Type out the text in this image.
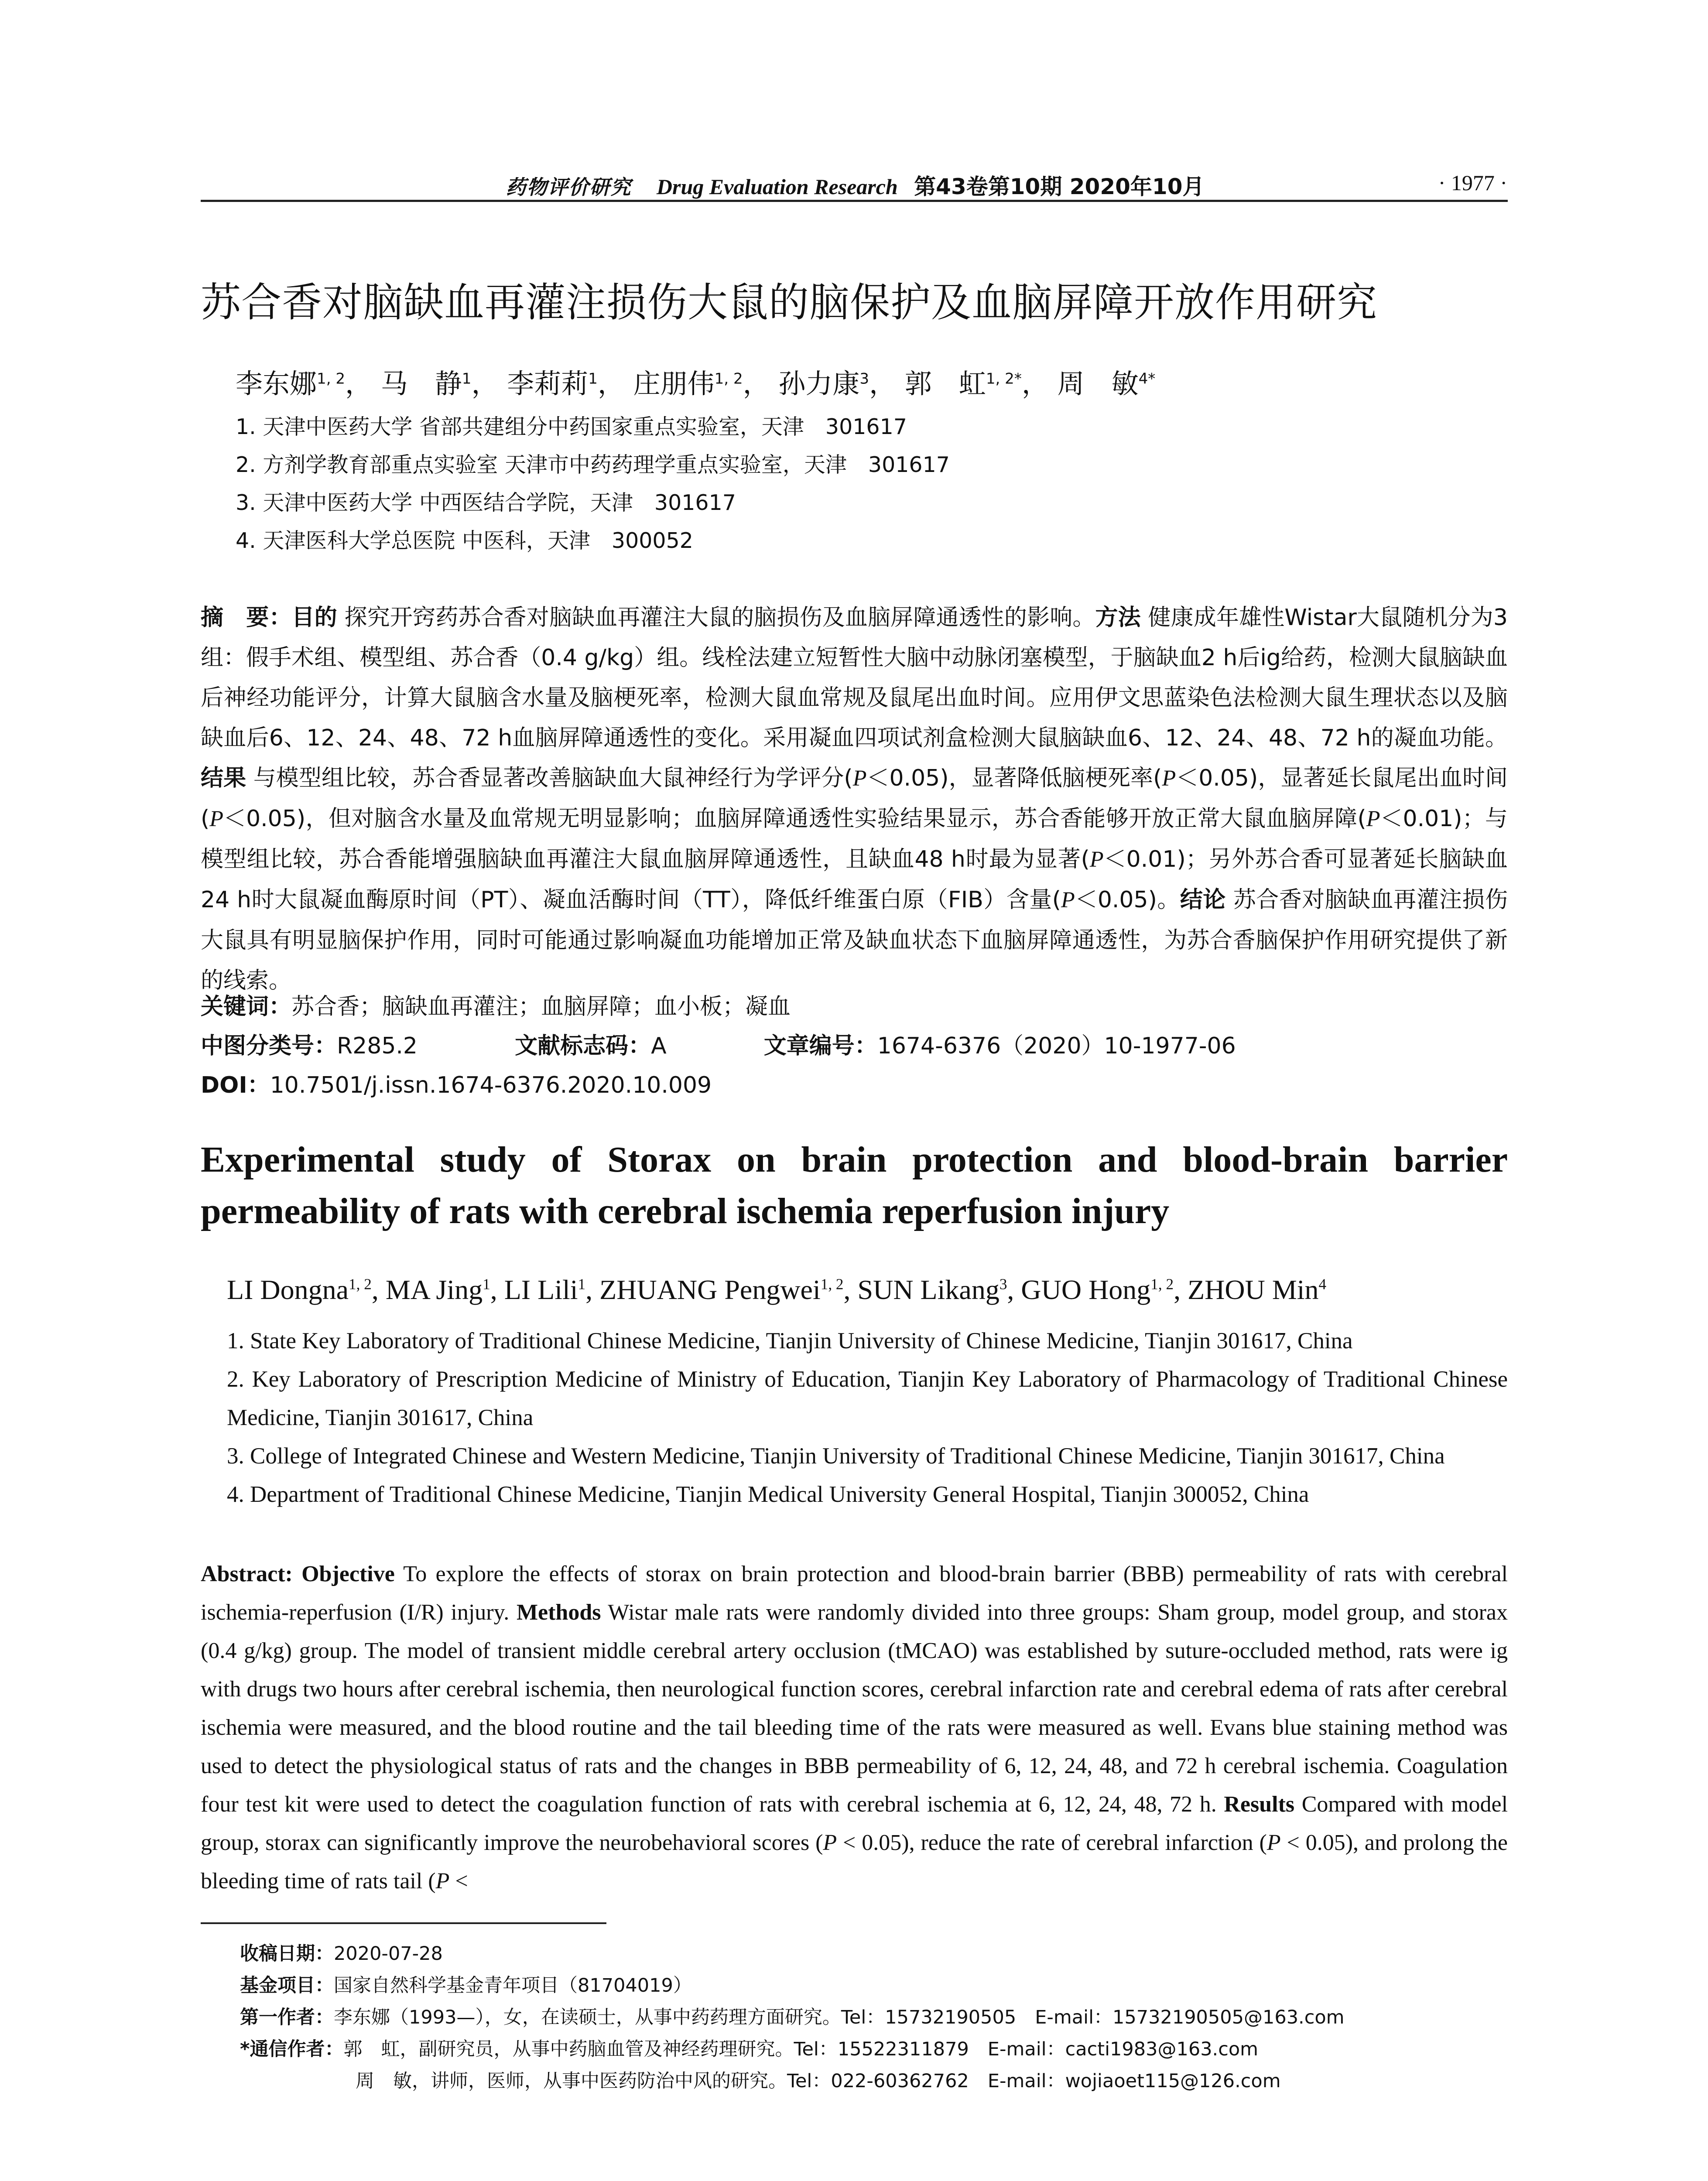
药物评价研究 Drug Evaluation Research 第43卷第10期 2020年10月	· 1977 ·
苏合香对脑缺血再灌注损伤大鼠的脑保护及血脑屏障开放作用研究
李东娜$^{1, 2}$， 马　静$^1$， 李莉莉$^1$， 庄朋伟$^{1, 2}$， 孙力康$^3$， 郭　虹$^{1, 2*}$， 周　敏$^{4*}$
1. 天津中医药大学 省部共建组分中药国家重点实验室，天津　301617
2. 方剂学教育部重点实验室 天津市中药药理学重点实验室，天津　301617
3. 天津中医药大学 中西医结合学院，天津　301617
4. 天津医科大学总医院 中医科，天津　300052
摘　要：目的 探究开窍药苏合香对脑缺血再灌注大鼠的脑损伤及血脑屏障通透性的影响。方法 健康成年雄性Wistar大鼠随机分为3组：假手术组、模型组、苏合香（0.4 g/kg）组。线栓法建立短暂性大脑中动脉闭塞模型，于脑缺血2 h后ig给药，检测大鼠脑缺血后神经功能评分，计算大鼠脑含水量及脑梗死率，检测大鼠血常规及鼠尾出血时间。应用伊文思蓝染色法检测大鼠生理状态以及脑缺血后6、12、24、48、72 h血脑屏障通透性的变化。采用凝血四项试剂盒检测大鼠脑缺血6、12、24、48、72 h的凝血功能。结果 与模型组比较，苏合香显著改善脑缺血大鼠神经行为学评分(P＜0.05)，显著降低脑梗死率(P＜0.05)，显著延长鼠尾出血时间(P＜0.05)，但对脑含水量及血常规无明显影响；血脑屏障通透性实验结果显示，苏合香能够开放正常大鼠血脑屏障(P＜0.01)；与模型组比较，苏合香能增强脑缺血再灌注大鼠血脑屏障通透性，且缺血48 h时最为显著(P＜0.01)；另外苏合香可显著延长脑缺血24 h时大鼠凝血酶原时间（PT）、凝血活酶时间（TT），降低纤维蛋白原（FIB）含量(P＜0.05)。结论 苏合香对脑缺血再灌注损伤大鼠具有明显脑保护作用，同时可能通过影响凝血功能增加正常及缺血状态下血脑屏障通透性，为苏合香脑保护作用研究提供了新的线索。
关键词：苏合香；脑缺血再灌注；血脑屏障；血小板；凝血
中图分类号：R285.2	文献标志码：A	文章编号：1674-6376（2020）10-1977-06
DOI：10.7501/j.issn.1674-6376.2020.10.009
Experimental study of Storax on brain protection and blood-brain barrier permeability of rats with cerebral ischemia reperfusion injury
LI Dongna$^{1, 2}$, MA Jing$^1$, LI Lili$^1$, ZHUANG Pengwei$^{1, 2}$, SUN Likang$^3$, GUO Hong$^{1, 2}$, ZHOU Min$^4$
1. State Key Laboratory of Traditional Chinese Medicine, Tianjin University of Chinese Medicine, Tianjin 301617, China
2. Key Laboratory of Prescription Medicine of Ministry of Education, Tianjin Key Laboratory of Pharmacology of Traditional Chinese Medicine, Tianjin 301617, China
3. College of Integrated Chinese and Western Medicine, Tianjin University of Traditional Chinese Medicine, Tianjin 301617, China
4. Department of Traditional Chinese Medicine, Tianjin Medical University General Hospital, Tianjin 300052, China
Abstract: Objective To explore the effects of storax on brain protection and blood-brain barrier (BBB) permeability of rats with cerebral ischemia-reperfusion (I/R) injury. Methods Wistar male rats were randomly divided into three groups: Sham group, model group, and storax (0.4 g/kg) group. The model of transient middle cerebral artery occlusion (tMCAO) was established by suture-occluded method, rats were ig with drugs two hours after cerebral ischemia, then neurological function scores, cerebral infarction rate and cerebral edema of rats after cerebral ischemia were measured, and the blood routine and the tail bleeding time of the rats were measured as well. Evans blue staining method was used to detect the physiological status of rats and the changes in BBB permeability of 6, 12, 24, 48, and 72 h cerebral ischemia. Coagulation four test kit were used to detect the coagulation function of rats with cerebral ischemia at 6, 12, 24, 48, 72 h. Results Compared with model group, storax can significantly improve the neurobehavioral scores (P < 0.05), reduce the rate of cerebral infarction (P < 0.05), and prolong the bleeding time of rats tail (P <
收稿日期：2020-07-28
基金项目：国家自然科学基金青年项目（81704019）
第一作者：李东娜（1993—），女，在读硕士，从事中药药理方面研究。Tel：15732190505　E-mail：15732190505@163.com
*通信作者：郭　虹，副研究员，从事中药脑血管及神经药理研究。Tel：15522311879　E-mail：cacti1983@163.com
周　敏，讲师，医师，从事中医药防治中风的研究。Tel：022-60362762　E-mail：wojiaoet115@126.com
